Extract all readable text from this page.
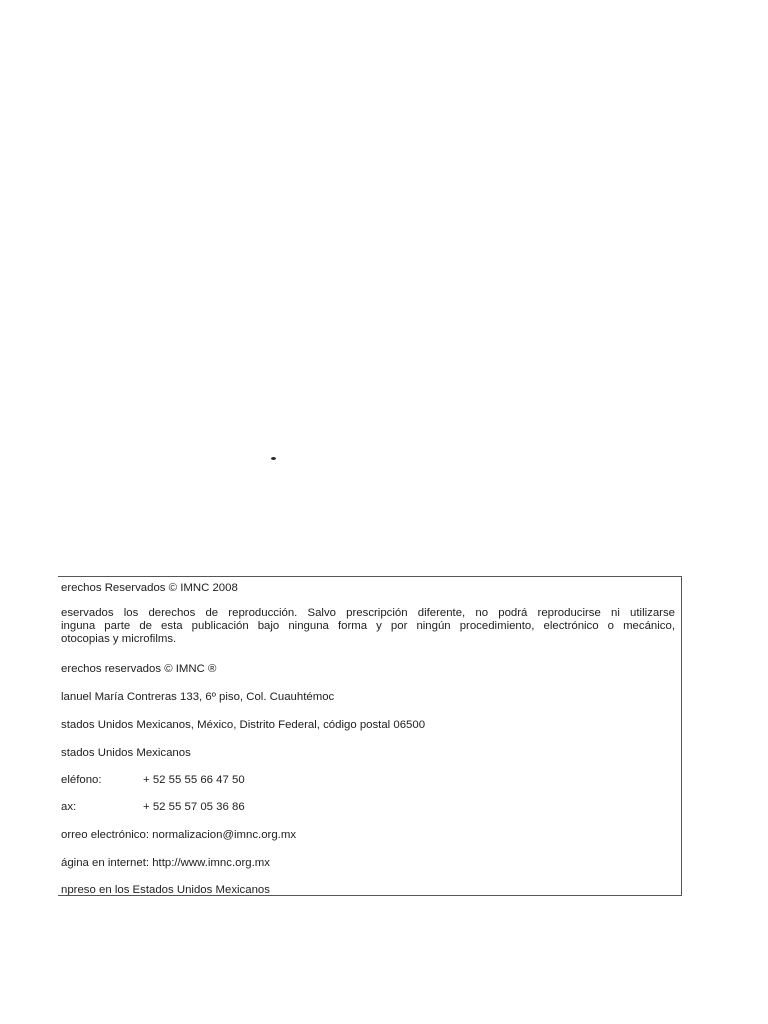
erechos Reservados © IMNC 2008

eservados los derechos de reproducción. Salvo prescripción diferente, no podrá reproducirse ni utilizarse
inguna parte de esta publicación bajo ninguna forma y por ningún procedimiento, electrónico o mecánico,
otocopias y microfilms.

erechos reservados © IMNC ®

lanuel María Contreras 133, 6º piso, Col. Cuauhtémoc

stados Unidos Mexicanos, México, Distrito Federal, código postal 06500

stados Unidos Mexicanos

eléfono:	+ 52 55 55 66 47 50

ax:	+ 52 55 57 05 36 86

orreo electrónico: normalizacion@imnc.org.mx

ágina en internet: http://www.imnc.org.mx

npreso en los Estados Unidos Mexicanos
